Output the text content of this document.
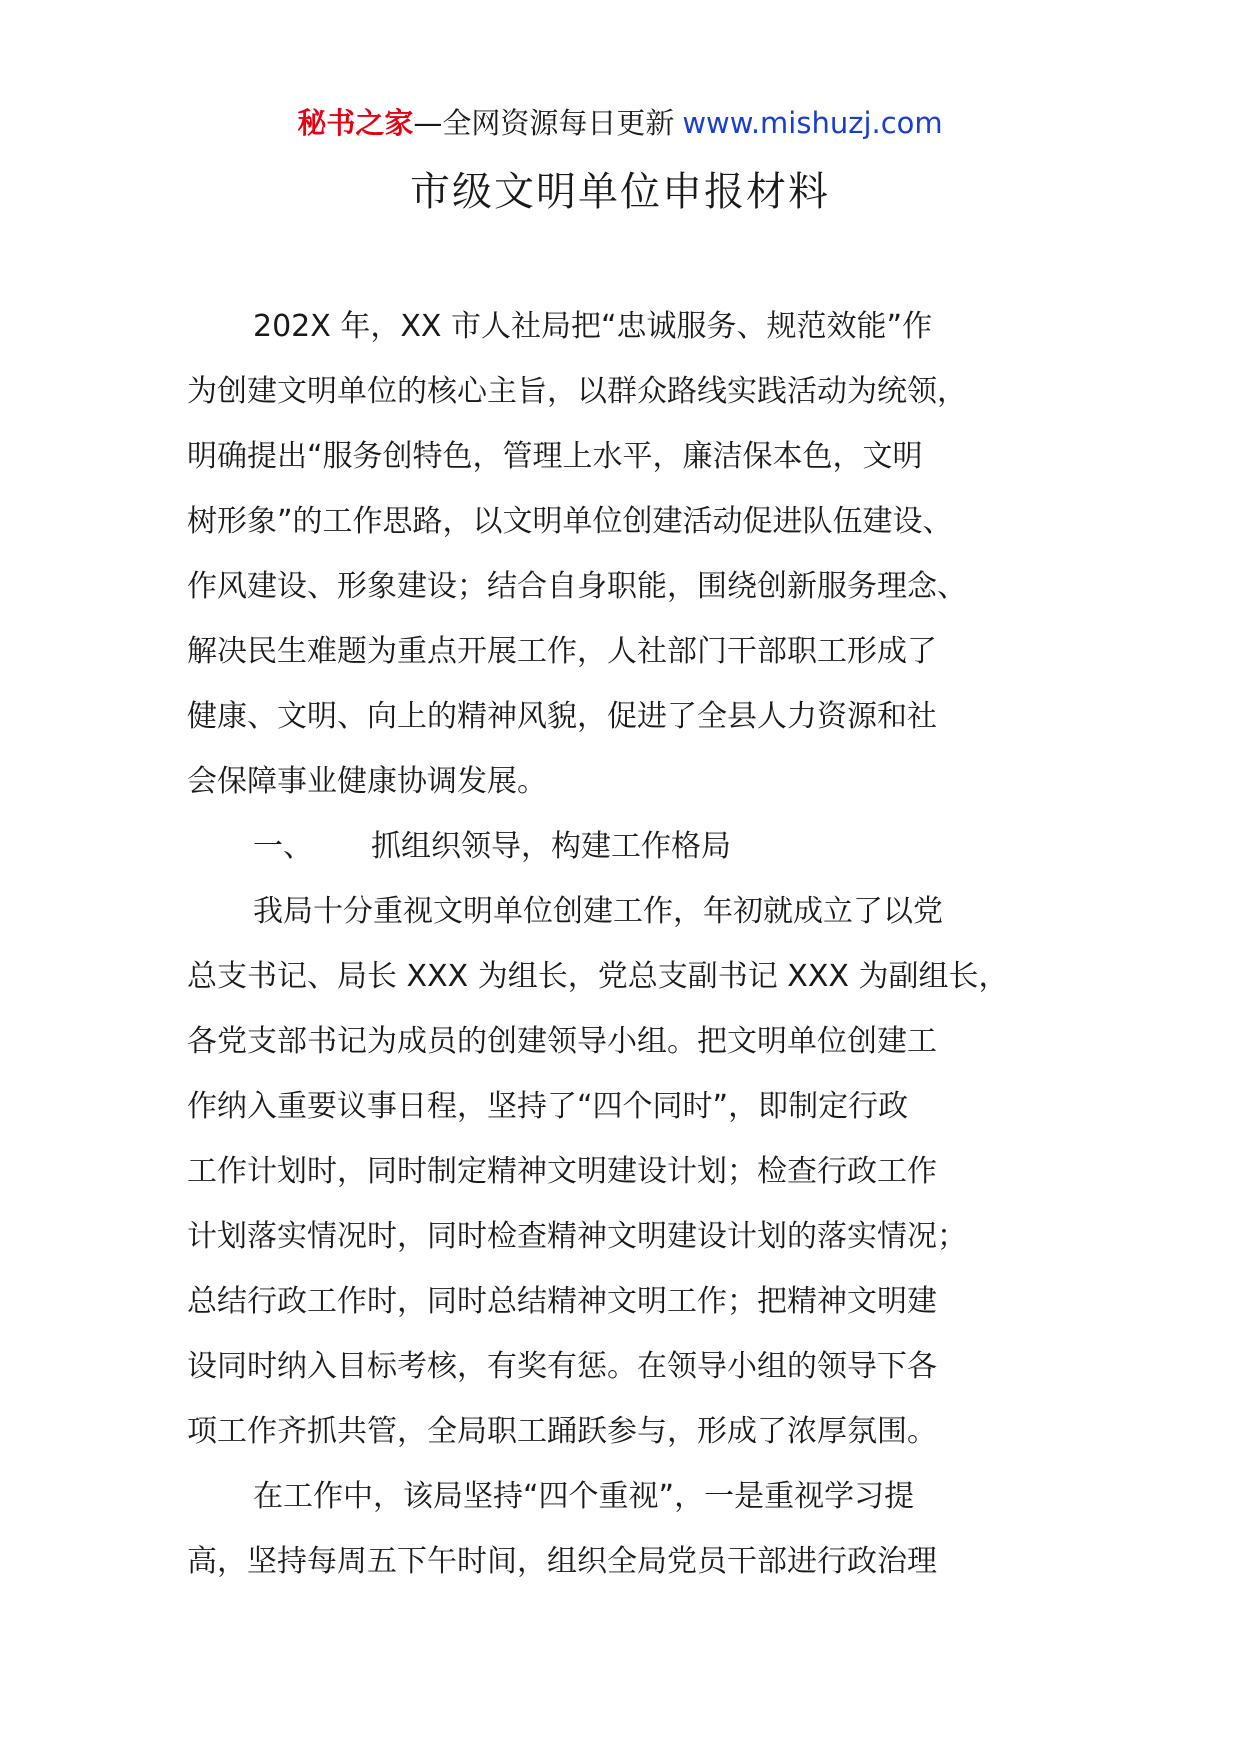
秘书之家—全网资源每日更新 www.mishuzj.com
市级文明单位申报材料
202X 年，XX 市人社局把“忠诚服务、规范效能”作
为创建文明单位的核心主旨，以群众路线实践活动为统领，
明确提出“服务创特色，管理上水平，廉洁保本色，文明
树形象”的工作思路，以文明单位创建活动促进队伍建设、
作风建设、形象建设；结合自身职能，围绕创新服务理念、
解决民生难题为重点开展工作，人社部门干部职工形成了
健康、文明、向上的精神风貌，促进了全县人力资源和社
会保障事业健康协调发展。
一、 抓组织领导，构建工作格局
我局十分重视文明单位创建工作，年初就成立了以党
总支书记、局长 XXX 为组长，党总支副书记 XXX 为副组长，
各党支部书记为成员的创建领导小组。把文明单位创建工
作纳入重要议事日程，坚持了“四个同时”，即制定行政
工作计划时，同时制定精神文明建设计划；检查行政工作
计划落实情况时，同时检查精神文明建设计划的落实情况；
总结行政工作时，同时总结精神文明工作；把精神文明建
设同时纳入目标考核，有奖有惩。在领导小组的领导下各
项工作齐抓共管，全局职工踊跃参与，形成了浓厚氛围。
在工作中，该局坚持“四个重视”，一是重视学习提
高，坚持每周五下午时间，组织全局党员干部进行政治理
